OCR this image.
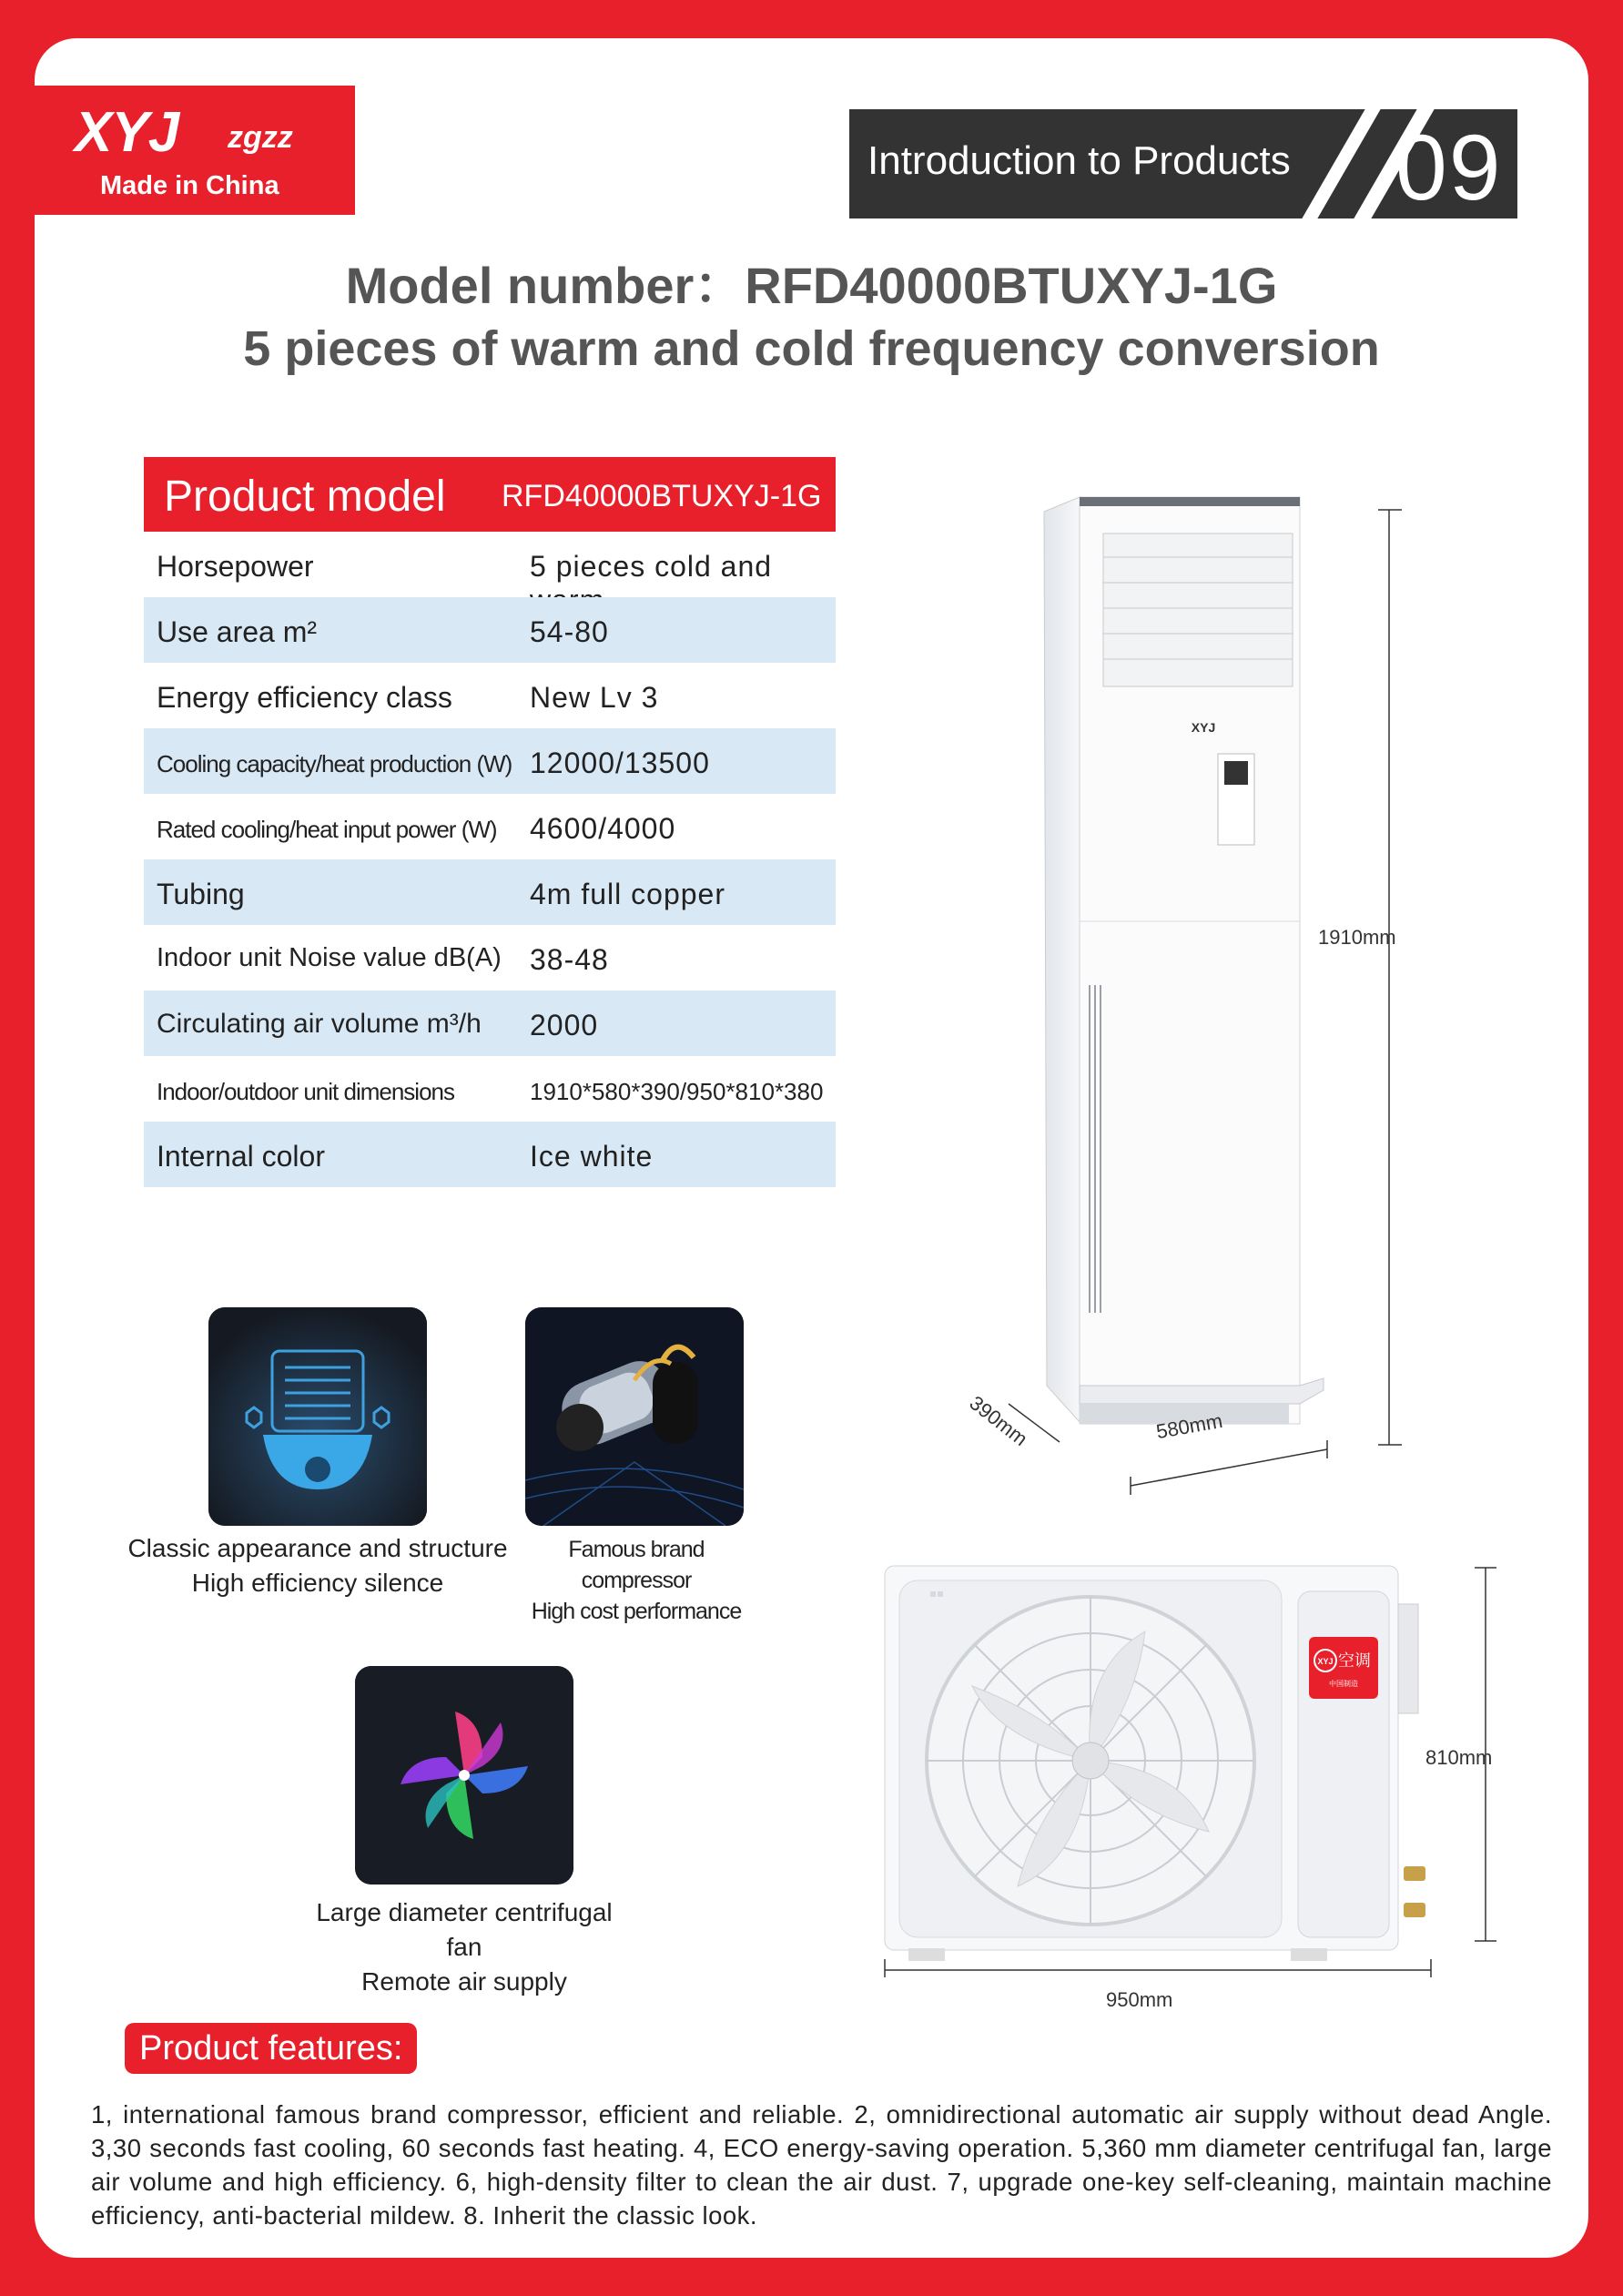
XYJ zgzz
Made in China
Introduction to Products 09
Model number：RFD40000BTUXYJ-1G
5 pieces of warm and cold frequency conversion
Product model RFD40000BTUXYJ-1G
Horsepower	5 pieces cold and
Use area m²	54-80
Energy efficiency class	New Lv 3
Cooling capacity/heat production (W) 12000/13500
Rated cooling/heat input power (W) 4600/4000
Tubing	4m full copper
Indoor unit Noise value dB(A) 38-48
Circulating air volume m³/h 2000
Indoor/outdoor unit dimensions	1910*580*390/950*810*380
Internal color	Ice white
Classic appearance and structure
High efficiency silence
Famous brand compressor
High cost performance
Large diameter centrifugal fan
Remote air supply
XYJ
1910mm
580mm
390mm
XYJ 空调
中国制造
810mm
950mm
Product features:
1, international famous brand compressor, efficient and reliable. 2, omnidirectional automatic air supply without dead Angle. 3,30 seconds fast cooling, 60 seconds fast heating. 4, ECO energy-saving operation. 5,360 mm diameter centrifugal fan, large air volume and high efficiency. 6, high-density filter to clean the air dust. 7, upgrade one-key self-cleaning, maintain machine efficiency, anti-bacterial mildew. 8. Inherit the classic look.
